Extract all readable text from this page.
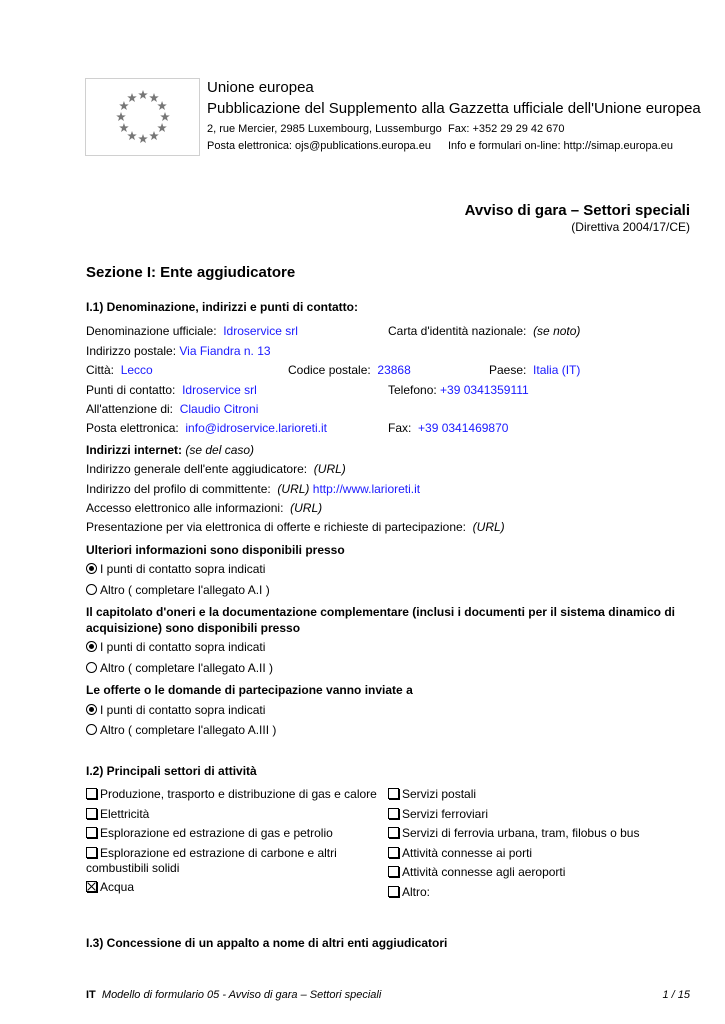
Unione europea
Pubblicazione del Supplemento alla Gazzetta ufficiale dell'Unione europea
2, rue Mercier, 2985 Luxembourg, Lussemburgo Fax: +352 29 29 42 670
Posta elettronica: ojs@publications.europa.eu Info e formulari on-line: http://simap.europa.eu
Avviso di gara – Settori speciali
(Direttiva 2004/17/CE)
Sezione I: Ente aggiudicatore
I.1) Denominazione, indirizzi e punti di contatto:
Denominazione ufficiale: Idroservice srl	Carta d'identità nazionale: (se noto)
Indirizzo postale: Via Fiandra n. 13
Città: Lecco	Codice postale: 23868	Paese: Italia (IT)
Punti di contatto: Idroservice srl	Telefono: +39 0341359111
All'attenzione di: Claudio Citroni
Posta elettronica: info@idroservice.larioreti.it	Fax: +39 0341469870
Indirizzi internet: (se del caso)
Indirizzo generale dell'ente aggiudicatore: (URL)
Indirizzo del profilo di committente: (URL) http://www.larioreti.it
Accesso elettronico alle informazioni: (URL)
Presentazione per via elettronica di offerte e richieste di partecipazione: (URL)
Ulteriori informazioni sono disponibili presso
I punti di contatto sopra indicati
Altro ( completare l'allegato A.I )
Il capitolato d'oneri e la documentazione complementare (inclusi i documenti per il sistema dinamico di
acquisizione) sono disponibili presso
I punti di contatto sopra indicati
Altro ( completare l'allegato A.II )
Le offerte o le domande di partecipazione vanno inviate a
I punti di contatto sopra indicati
Altro ( completare l'allegato A.III )
I.2) Principali settori di attività
Produzione, trasporto e distribuzione di gas e calore
Elettricità
Esplorazione ed estrazione di gas e petrolio
Esplorazione ed estrazione di carbone e altri
combustibili solidi
Acqua
Servizi postali
Servizi ferroviari
Servizi di ferrovia urbana, tram, filobus o bus
Attività connesse ai porti
Attività connesse agli aeroporti
Altro:
I.3) Concessione di un appalto a nome di altri enti aggiudicatori
IT Modello di formulario 05 - Avviso di gara – Settori speciali	1 / 15
